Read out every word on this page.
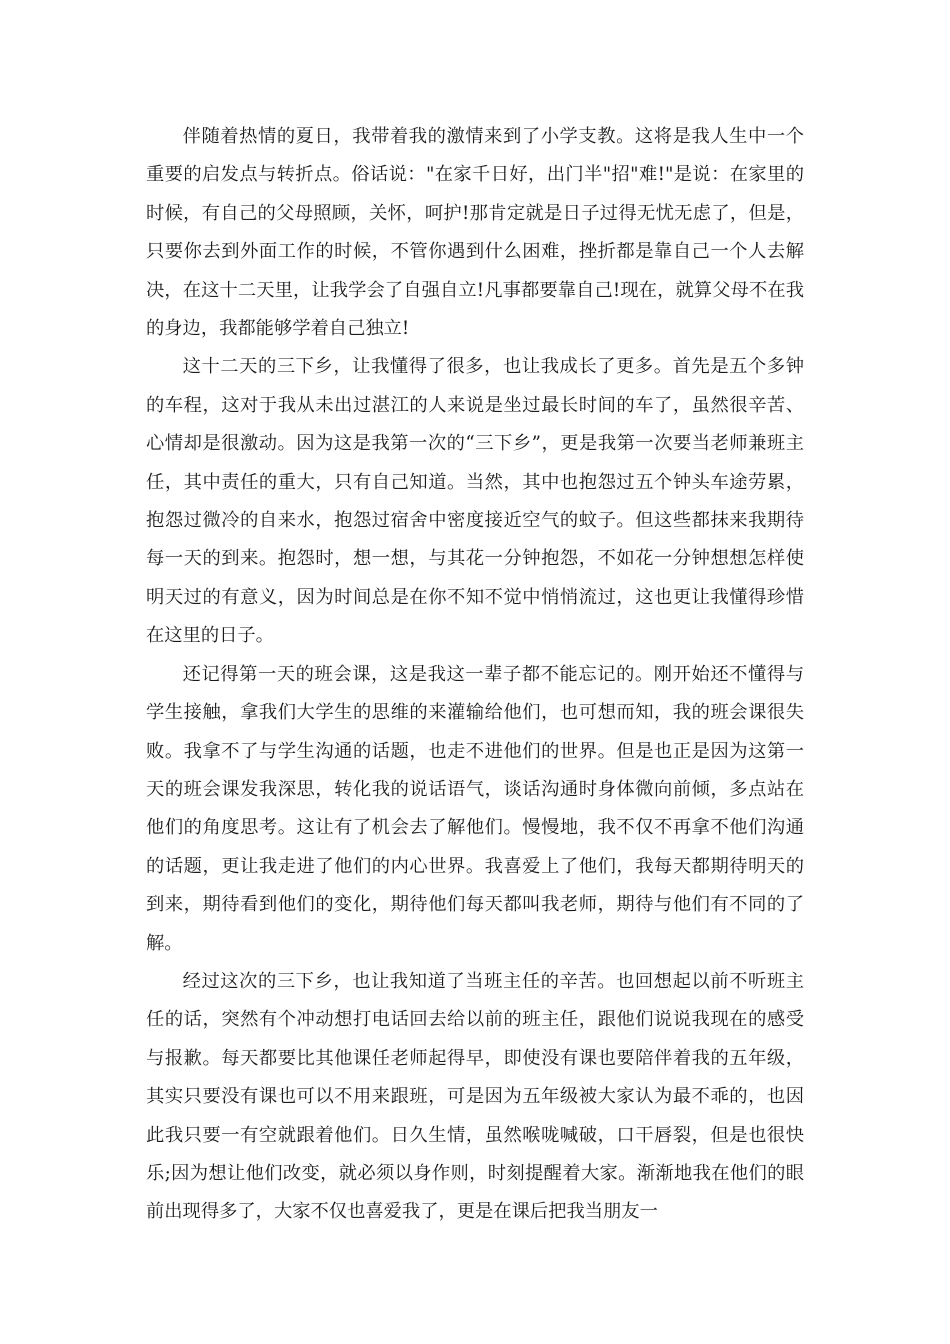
伴随着热情的夏日，我带着我的激情来到了小学支教。这将是我人生中一个重要的启发点与转折点。俗话说："在家千日好，出门半"招"难!"是说：在家里的时候，有自己的父母照顾，关怀，呵护!那肯定就是日子过得无忧无虑了，但是，只要你去到外面工作的时候，不管你遇到什么困难，挫折都是靠自己一个人去解决，在这十二天里，让我学会了自强自立!凡事都要靠自己!现在，就算父母不在我的身边，我都能够学着自己独立!

这十二天的三下乡，让我懂得了很多，也让我成长了更多。首先是五个多钟的车程，这对于我从未出过湛江的人来说是坐过最长时间的车了，虽然很辛苦、心情却是很激动。因为这是我第一次的“三下乡”，更是我第一次要当老师兼班主任，其中责任的重大，只有自己知道。当然，其中也抱怨过五个钟头车途劳累，抱怨过微冷的自来水，抱怨过宿舍中密度接近空气的蚊子。但这些都抹来我期待每一天的到来。抱怨时，想一想，与其花一分钟抱怨，不如花一分钟想想怎样使明天过的有意义，因为时间总是在你不知不觉中悄悄流过，这也更让我懂得珍惜在这里的日子。

还记得第一天的班会课，这是我这一辈子都不能忘记的。刚开始还不懂得与学生接触，拿我们大学生的思维的来灌输给他们，也可想而知，我的班会课很失败。我拿不了与学生沟通的话题，也走不进他们的世界。但是也正是因为这第一天的班会课发我深思，转化我的说话语气，谈话沟通时身体微向前倾，多点站在他们的角度思考。这让有了机会去了解他们。慢慢地，我不仅不再拿不他们沟通的话题，更让我走进了他们的内心世界。我喜爱上了他们，我每天都期待明天的到来，期待看到他们的变化，期待他们每天都叫我老师，期待与他们有不同的了解。

经过这次的三下乡，也让我知道了当班主任的辛苦。也回想起以前不听班主任的话，突然有个冲动想打电话回去给以前的班主任，跟他们说说我现在的感受与报歉。每天都要比其他课任老师起得早，即使没有课也要陪伴着我的五年级，其实只要没有课也可以不用来跟班，可是因为五年级被大家认为最不乖的，也因此我只要一有空就跟着他们。日久生情，虽然喉咙喊破，口干唇裂，但是也很快乐;因为想让他们改变，就必须以身作则，时刻提醒着大家。渐渐地我在他们的眼前出现得多了，大家不仅也喜爱我了，更是在课后把我当朋友一
